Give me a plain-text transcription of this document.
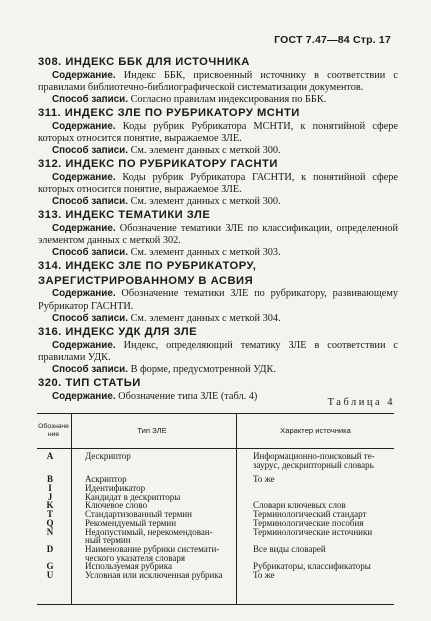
ГОСТ 7.47—84 Стр. 17

308. ИНДЕКС ББК ДЛЯ ИСТОЧНИКА

Содержание. Индекс ББК, присвоенный источнику в соответствии с правилами библиотечно-библиографической систематизации документов.

Способ записи. Согласно правилам индексирования по ББК.

311. ИНДЕКС ЗЛЕ ПО РУБРИКАТОРУ МСНТИ

Содержание. Коды рубрик Рубрикатора МСНТИ, к понятийной сфере которых относится понятие, выражаемое ЗЛЕ.

Способ записи. См. элемент данных с меткой 300.

312. ИНДЕКС ПО РУБРИКАТОРУ ГАСНТИ

Содержание. Коды рубрик Рубрикатора ГАСНТИ, к понятийной сфере которых относится понятие, выражаемое ЗЛЕ.

Способ записи. См. элемент данных с меткой 300.

313. ИНДЕКС ТЕМАТИКИ ЗЛЕ

Содержание. Обозначение тематики ЗЛЕ по классификации, определенной элементом данных с меткой 302.

Способ записи. См. элемент данных с меткой 303.

314. ИНДЕКС ЗЛЕ ПО РУБРИКАТОРУ, ЗАРЕГИСТРИРОВАННОМУ В АСВИЯ

Содержание. Обозначение тематики ЗЛЕ по рубрикатору, развивающему Рубрикатор ГАСНТИ.

Способ записи. См. элемент данных с меткой 304.

316. ИНДЕКС УДК ДЛЯ ЗЛЕ

Содержание. Индекс, определяющий тематику ЗЛЕ в соответствии с правилами УДК.

Способ записи. В форме, предусмотренной УДК.

320. ТИП СТАТЬИ

Содержание. Обозначение типа ЗЛЕ (табл. 4)

Таблица 4
Обозначение	Тип ЗЛЕ	Характер источника
A	Дескриптор	Информационно-поисковый те-
заурус, дескрипторный словарь
B	Аскриптор	То же
I	Идентификатор
J	Кандидат в дескрипторы
K	Ключевое слово	Словари ключевых слов
T	Стандартизованный термин	Терминологический стандарт
Q	Рекомендуемый термин	Терминологические пособия
N	Недопустимый, нерекомендован-	Терминологические источники
ный термин
D	Наименование рубрики системати-	Все виды словарей
ческого указателя словаря
G	Используемая рубрика	Рубрикаторы, классификаторы
U	Условная или исключенная рубрика	То же
